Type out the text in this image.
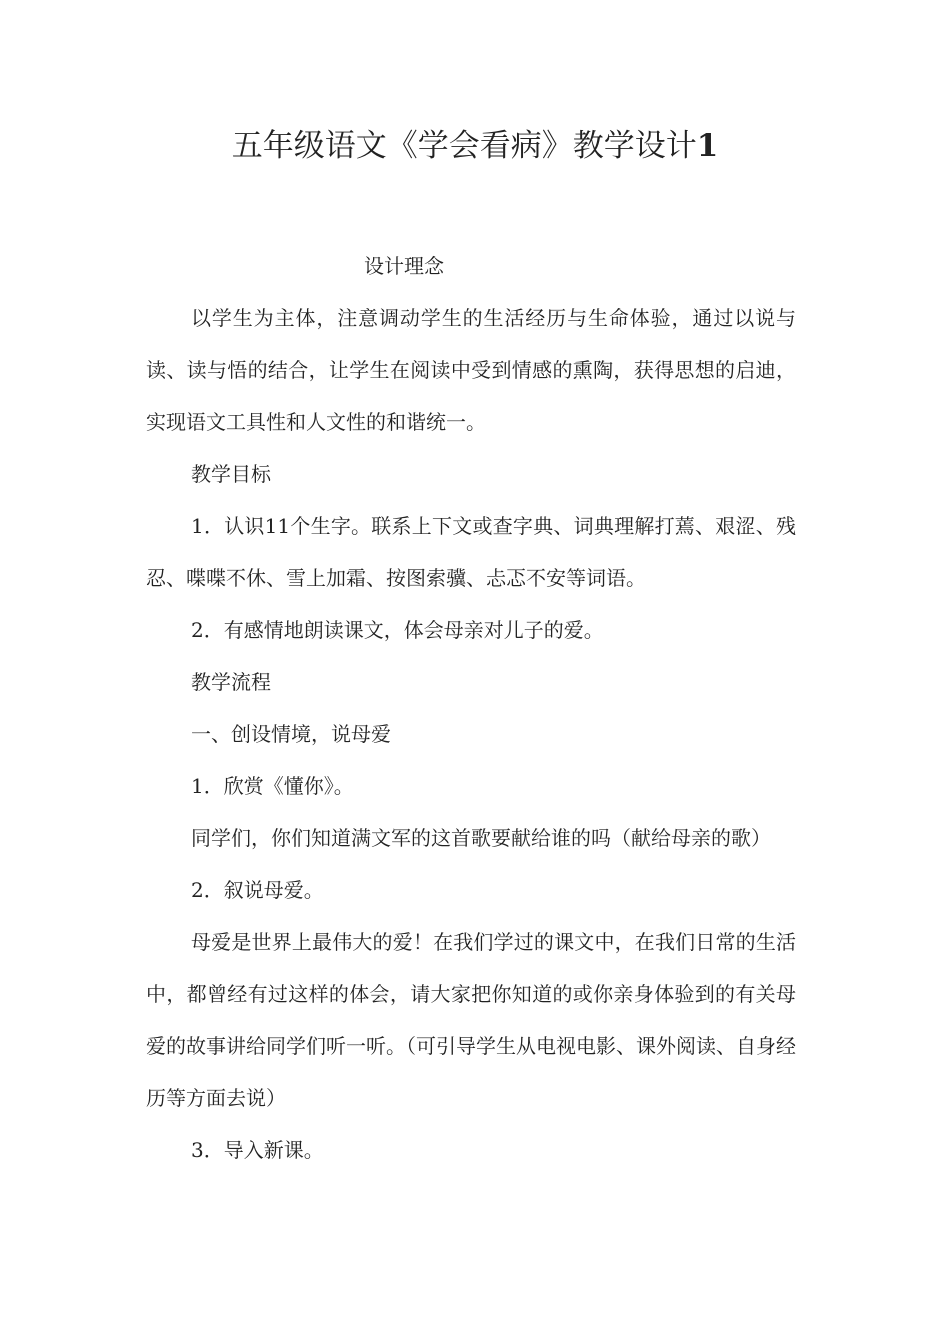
五年级语文《学会看病》教学设计1

设计理念

以学生为主体，注意调动学生的生活经历与生命体验，通过以说与读、读与悟的结合，让学生在阅读中受到情感的熏陶，获得思想的启迪，实现语文工具性和人文性的和谐统一。

教学目标

1．认识11个生字。联系上下文或查字典、词典理解打蔫、艰涩、残忍、喋喋不休、雪上加霜、按图索骥、忐忑不安等词语。

2．有感情地朗读课文，体会母亲对儿子的爱。

教学流程

一、创设情境，说母爱

1．欣赏《懂你》。

同学们，你们知道满文军的这首歌要献给谁的吗（献给母亲的歌）

2．叙说母爱。

母爱是世界上最伟大的爱！在我们学过的课文中，在我们日常的生活中，都曾经有过这样的体会，请大家把你知道的或你亲身体验到的有关母爱的故事讲给同学们听一听。（可引导学生从电视电影、课外阅读、自身经历等方面去说）

3．导入新课。
